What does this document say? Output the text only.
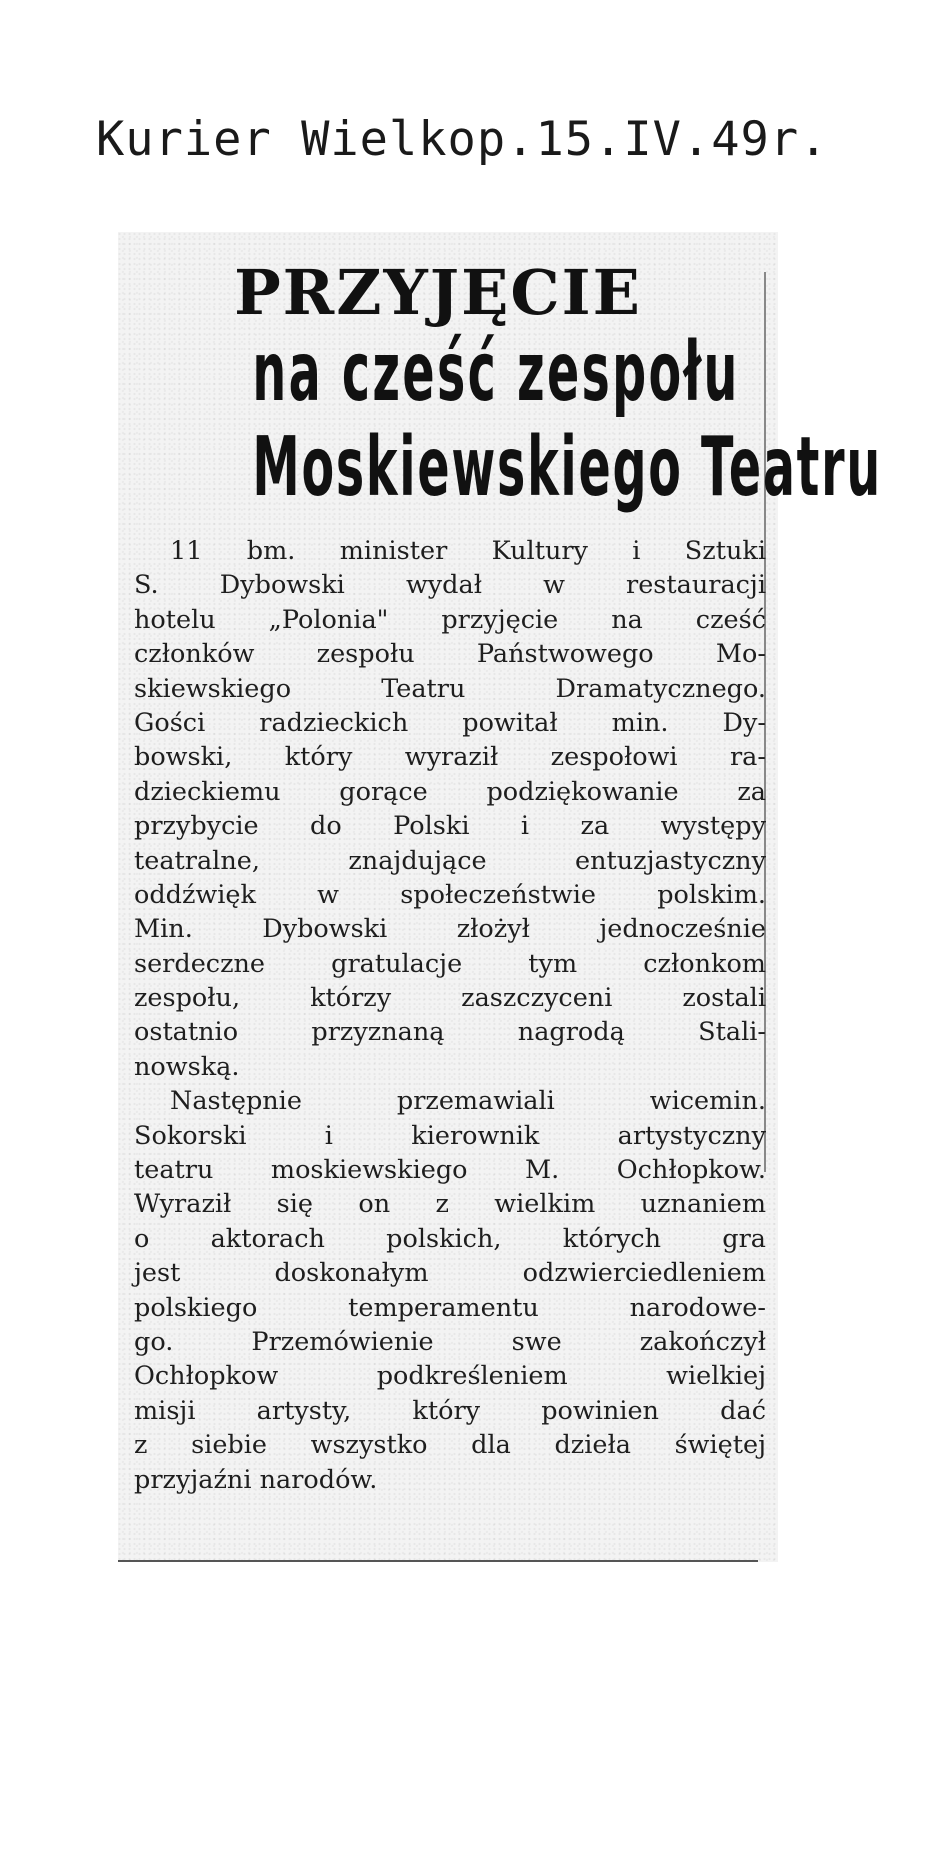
Kurier Wielkop.15.IV.49r.

PRZYJĘCIE
na cześć zespołu
Moskiewskiego Teatru

11 bm. minister Kultury i Sztuki
S. Dybowski wydał w restauracji
hotelu „Polonia" przyjęcie na cześć
członków zespołu Państwowego Mo-
skiewskiego Teatru Dramatycznego.
Gości radzieckich powitał min. Dy-
bowski, który wyraził zespołowi ra-
dzieckiemu gorące podziękowanie za
przybycie do Polski i za występy
teatralne, znajdujące entuzjastyczny
oddźwięk w społeczeństwie polskim.
Min. Dybowski złożył jednocześnie
serdeczne gratulacje tym członkom
zespołu, którzy zaszczyceni zostali
ostatnio przyznaną nagrodą Stali-
nowską.

Następnie przemawiali wicemin.
Sokorski i kierownik artystyczny
teatru moskiewskiego M. Ochłopkow.
Wyraził się on z wielkim uznaniem
o aktorach polskich, których gra
jest doskonałym odzwierciedleniem
polskiego temperamentu narodowe-
go. Przemówienie swe zakończył
Ochłopkow podkreśleniem wielkiej
misji artysty, który powinien dać
z siebie wszystko dla dzieła świętej
przyjaźni narodów.
